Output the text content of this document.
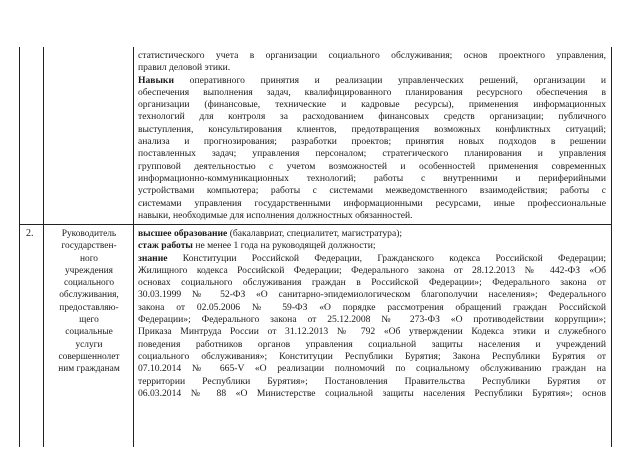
статистического учета в организации социального обслуживания; основ проектного управления,
правил деловой этики.
Навыки оперативного принятия и реализации управленческих решений, организации и
обеспечения выполнения задач, квалифицированного планирования ресурсного обеспечения в
организации (финансовые, технические и кадровые ресурсы), применения информационных
технологий для контроля за расходованием финансовых средств организации; публичного
выступления, консультирования клиентов, предотвращения возможных конфликтных ситуаций;
анализа и прогнозирования; разработки проектов; принятия новых подходов в решении
поставленных задач; управления персоналом; стратегического планирования и управления
групповой деятельностью с учетом возможностей и особенностей применения современных
информационно-коммуникационных технологий; работы с внутренними и периферийными
устройствами компьютера; работы с системами межведомственного взаимодействия; работы с
системами управления государственными информационными ресурсами, иные профессиональные
навыки, необходимые для исполнения должностных обязанностей.
2.	Руководитель
государствен-
ного
учреждения
социального
обслуживания,
предоставляю-
щего
социальные
услуги
совершеннолет
ним гражданам
высшее образование (бакалавриат, специалитет, магистратура);
стаж работы не менее 1 года на руководящей должности;
знание Конституции Российской Федерации, Гражданского кодекса Российской Федерации;
Жилищного кодекса Российской Федерации; Федерального закона от 28.12.2013 № 442-ФЗ «Об
основах социального обслуживания граждан в Российской Федерации»; Федерального закона от
30.03.1999 № 52-ФЗ «О санитарно-эпидемиологическом благополучии населения»; Федерального
закона от 02.05.2006 № 59-ФЗ «О порядке рассмотрения обращений граждан Российской
Федерации»; Федерального закона от 25.12.2008 № 273-ФЗ «О противодействии коррупции»;
Приказа Минтруда России от 31.12.2013 № 792 «Об утверждении Кодекса этики и служебного
поведения работников органов управления социальной защиты населения и учреждений
социального обслуживания»; Конституции Республики Бурятия; Закона Республики Бурятия от
07.10.2014 № 665-V «О реализации полномочий по социальному обслуживанию граждан на
территории Республики Бурятия»; Постановления Правительства Республики Бурятия от
06.03.2014 № 88 «О Министерстве социальной защиты населения Республики Бурятия»; основ
